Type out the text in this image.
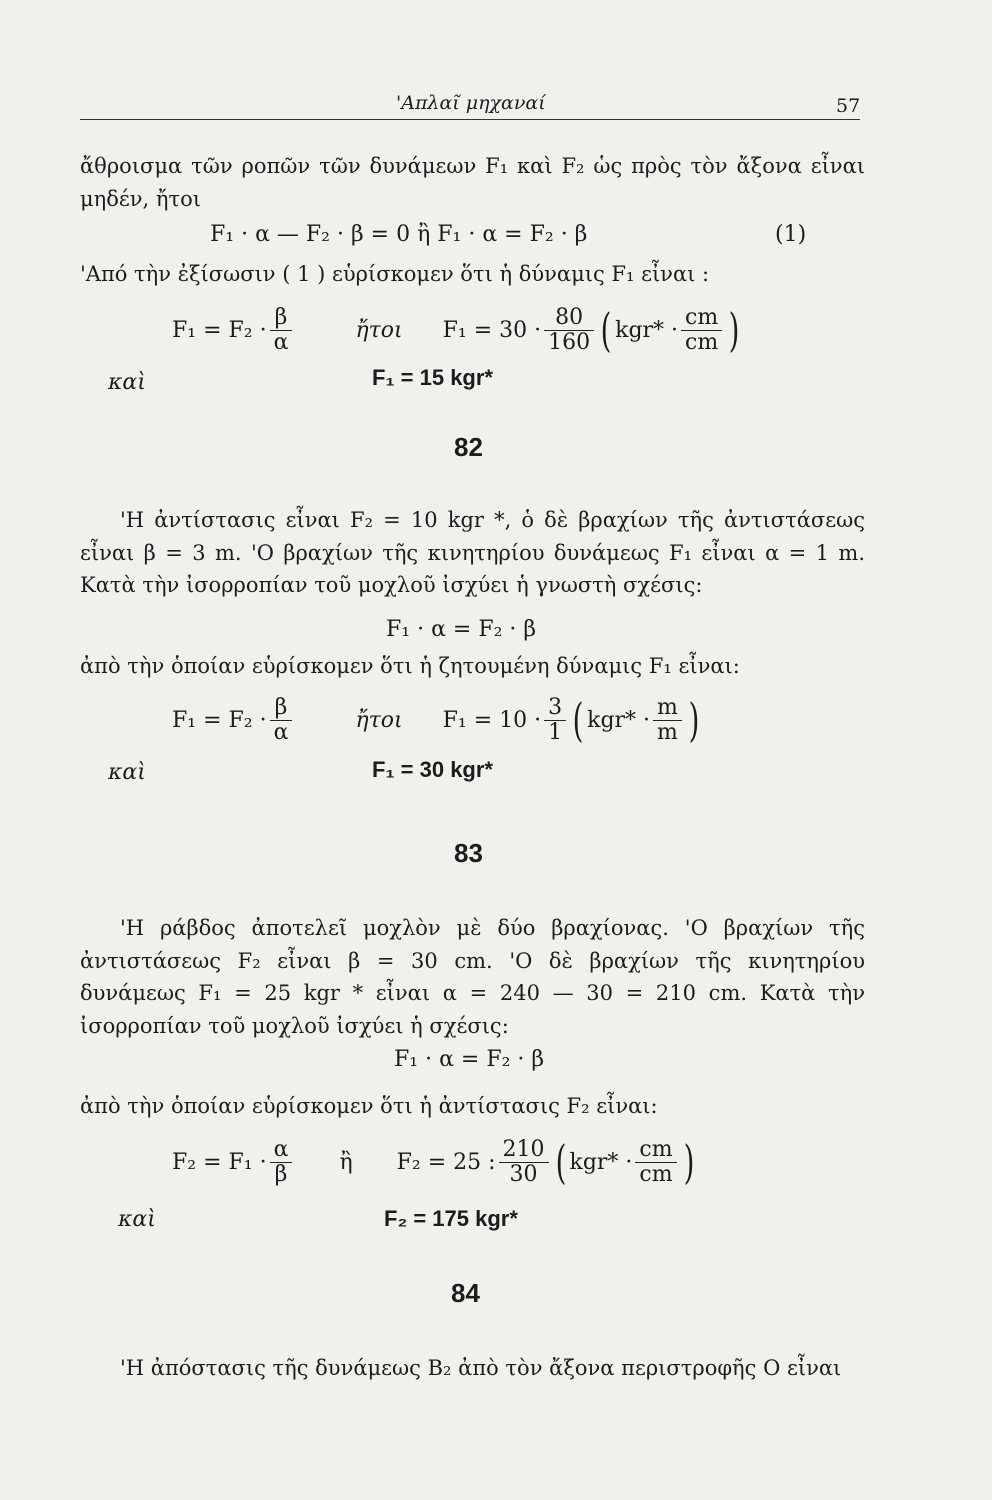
'Απλαῖ μηχαναί	57
ἄθροισμα τῶν ροπῶν τῶν δυνάμεων F₁ καὶ F₂ ὡς πρὸς τὸν ἄξονα εἶναι μηδέν, ἤτοι
F₁ · α — F₂ · β = 0 ἢ F₁ · α = F₂ · β	(1)
'Από τὴν ἐξίσωσιν ( 1 ) εὑρίσκομεν ὅτι ἡ δύναμις F₁ εἶναι :
$F_1 = F_2 \cdot \frac{\beta}{\alpha}$	ἤτοι $F_1 = 30 \cdot \frac{80}{160}$ ( $kgr* \cdot \frac{cm}{cm}$ )
καὶ	F₁ = 15 kgr*
82
'Η ἀντίστασις εἶναι F₂ = 10 kgr *, ὁ δὲ βραχίων τῆς ἀντιστάσεως εἶναι β = 3 m. 'Ο βραχίων τῆς κινητηρίου δυνάμεως F₁ εἶναι α = 1 m. Κατὰ τὴν ἰσορροπίαν τοῦ μοχλοῦ ἰσχύει ἡ γνωστὴ σχέσις:
F₁ · α = F₂ · β
ἀπὸ τὴν ὁποίαν εὑρίσκομεν ὅτι ἡ ζητουμένη δύναμις F₁ εἶναι:
$F_1 = F_2 \cdot \frac{\beta}{\alpha}$	ἤτοι $F_1 = 10 \cdot \frac{3}{1}$ ( $kgr* \cdot \frac{m}{m}$ )
καὶ	F₁ = 30 kgr*
83
'Η ράβδος ἀποτελεῖ μοχλὸν μὲ δύο βραχίονας. 'Ο βραχίων τῆς ἀντιστάσεως F₂ εἶναι β = 30 cm. 'Ο δὲ βραχίων τῆς κινητηρίου δυνάμεως F₁ = 25 kgr * εἶναι α = 240 — 30 = 210 cm. Κατὰ τὴν ἰσορροπίαν τοῦ μοχλοῦ ἰσχύει ἡ σχέσις:
F₁ · α = F₂ · β
ἀπὸ τὴν ὁποίαν εὑρίσκομεν ὅτι ἡ ἀντίστασις F₂ εἶναι:
$F_2 = F_1 \cdot \frac{\alpha}{\beta}$ ἢ F₂ = 25 : $\frac{210}{30}$ ( $kgr* \cdot \frac{cm}{cm}$ )
καὶ	F₂ = 175 kgr*
84
'Η ἀπόστασις τῆς δυνάμεως B₂ ἀπὸ τὸν ἄξονα περιστροφῆς O εἶναι
